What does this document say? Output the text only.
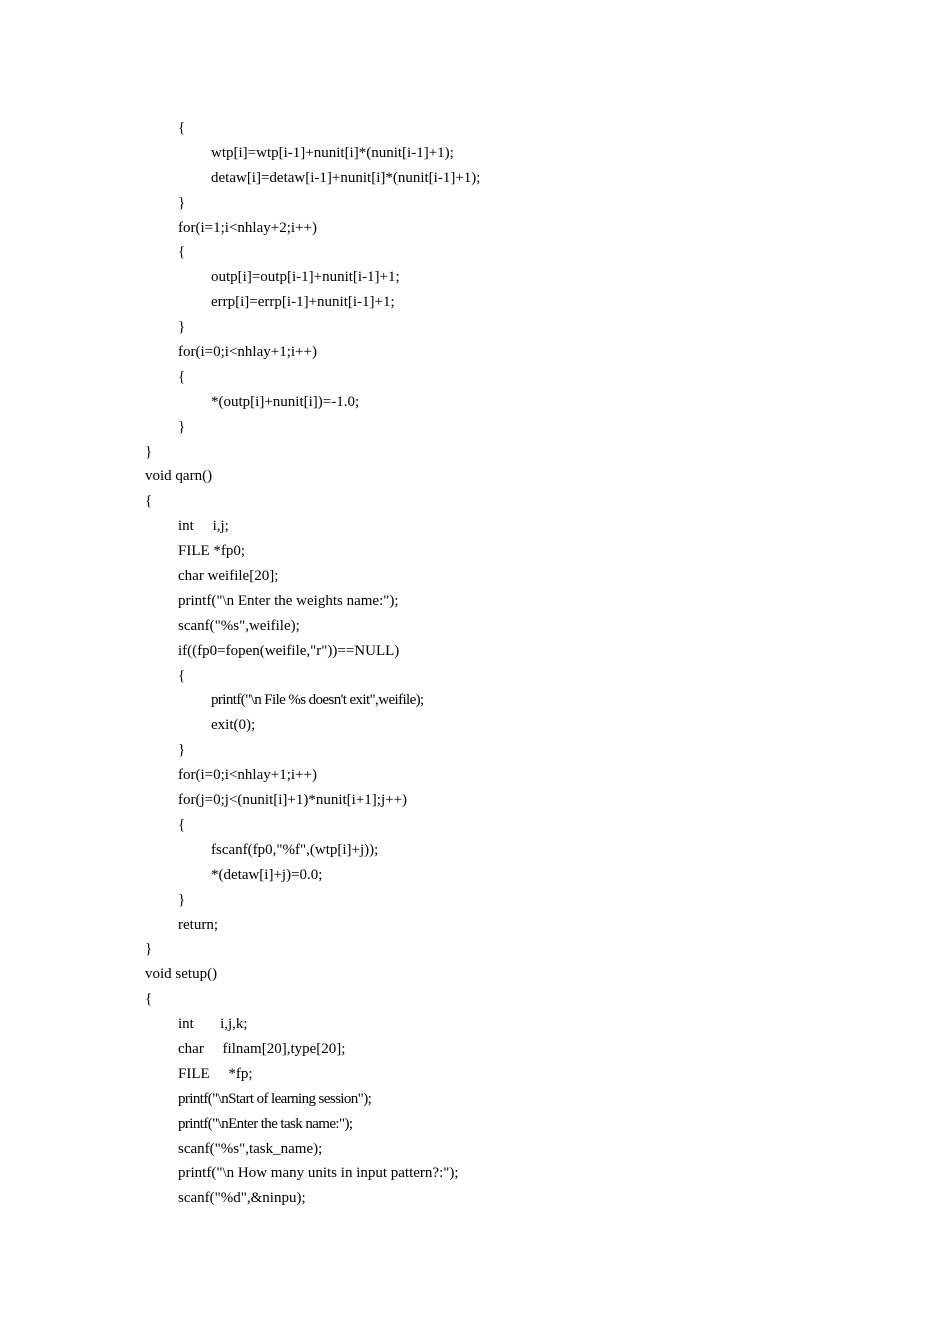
{
wtp[i]=wtp[i-1]+nunit[i]*(nunit[i-1]+1);
detaw[i]=detaw[i-1]+nunit[i]*(nunit[i-1]+1);
}
for(i=1;i<nhlay+2;i++)
{
outp[i]=outp[i-1]+nunit[i-1]+1;
errp[i]=errp[i-1]+nunit[i-1]+1;
}
for(i=0;i<nhlay+1;i++)
{
*(outp[i]+nunit[i])=-1.0;
}
}
void qarn()
{
int     i,j;
FILE *fp0;
char weifile[20];
printf("\n Enter the weights name:");
scanf("%s",weifile);
if((fp0=fopen(weifile,"r"))==NULL)
{
printf("\n File %s doesn't exit",weifile);
exit(0);
}
for(i=0;i<nhlay+1;i++)
for(j=0;j<(nunit[i]+1)*nunit[i+1];j++)
{
fscanf(fp0,"%f",(wtp[i]+j));
*(detaw[i]+j)=0.0;
}
return;
}
void setup()
{
int       i,j,k;
char     filnam[20],type[20];
FILE     *fp;
printf("\nStart of learning session");
printf("\nEnter the task name:");
scanf("%s",task_name);
printf("\n How many units in input pattern?:");
scanf("%d",&ninpu);
